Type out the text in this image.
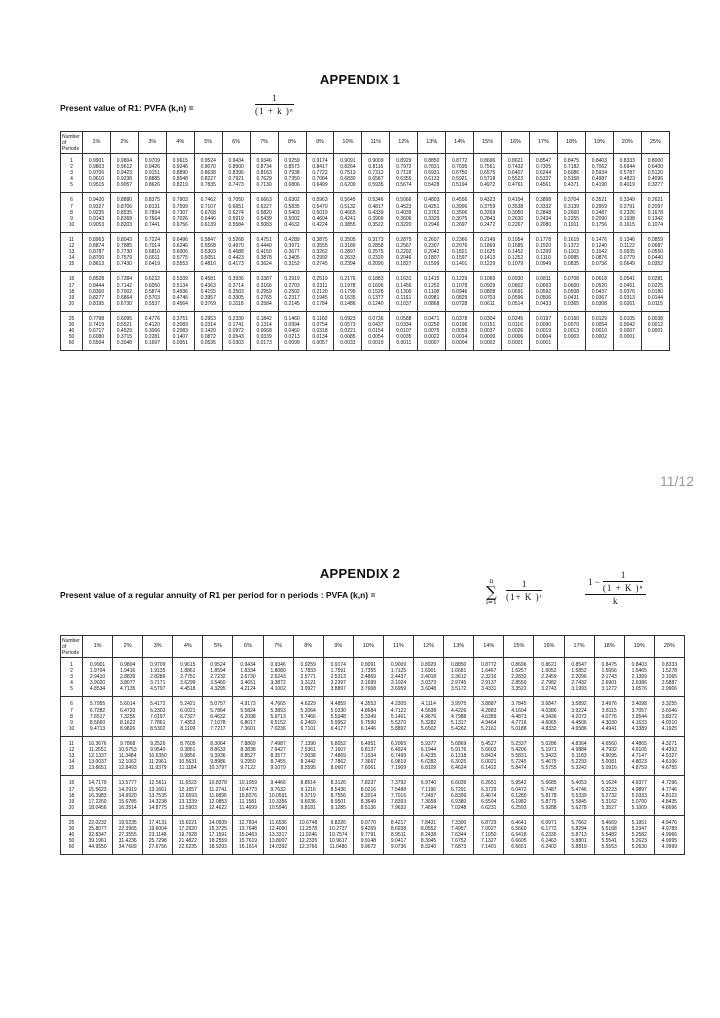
APPENDIX 1
Present value of R1: PVFA (k,n) =	$\frac{1}{\text{(1 + k )ⁿ}}$
Number
of
Periods	1%	2%	3%	4%	5%	6%	7%	8%	9%	10%	11%	12%	13%	14%	15%	16%	17%	18%	19%	20%	25%
1	0.9901	0.9804	0.9709	0.9615	0.9524	0.9434	0.9346	0.9259	0.9174	0.9091	0.9009	0.8929	0.8850	0.8772	0.8696	0.8621	0.8547	0.8475	0.8403	0.8333	0.8000
2	0.9803	0.9612	0.9426	0.9246	0.9070	0.8900	0.8734	0.8573	0.8417	0.8264	0.8116	0.7972	0.7831	0.7695	0.7561	0.7432	0.7305	0.7182	0.7062	0.6944	0.6400
3	0.9706	0.9423	0.9151	0.8890	0.8638	0.8396	0.8163	0.7938	0.7722	0.7513	0.7312	0.7118	0.6931	0.6750	0.6575	0.6407	0.6244	0.6086	0.5934	0.5787	0.5120
4	0.9610	0.9238	0.8885	0.8548	0.8227	0.7921	0.7629	0.7350	0.7084	0.6830	0.6587	0.6355	0.6133	0.5921	0.5718	0.5523	0.5337	0.5158	0.4987	0.4823	0.4096
5	0.9515	0.9057	0.8626	0.8219	0.7835	0.7473	0.7130	0.6806	0.6499	0.6209	0.5935	0.5674	0.5428	0.5194	0.4972	0.4761	0.4561	0.4371	0.4190	0.4019	0.3277
6	0.9420	0.8880	0.8375	0.7903	0.7462	0.7050	0.6663	0.6302	0.5963	0.5645	0.5346	0.5066	0.4803	0.4556	0.4323	0.4104	0.3898	0.3704	0.3521	0.3349	0.2621
7	0.9327	0.8706	0.8131	0.7599	0.7107	0.6651	0.6227	0.5835	0.5470	0.5132	0.4817	0.4523	0.4251	0.3996	0.3759	0.3538	0.3332	0.3139	0.2959	0.2791	0.2097
8	0.9235	0.8535	0.7894	0.7307	0.6768	0.6274	0.5820	0.5403	0.5019	0.4665	0.4339	0.4039	0.3762	0.3506	0.3269	0.3050	0.2848	0.2660	0.2487	0.2326	0.1678
9	0.9143	0.8368	0.7664	0.7026	0.6446	0.5919	0.5439	0.5002	0.4604	0.4241	0.3909	0.3606	0.3329	0.3075	0.2843	0.2630	0.2434	0.2255	0.2090	0.1938	0.1342
10	0.9053	0.8203	0.7441	0.6756	0.6139	0.5584	0.5083	0.4632	0.4224	0.3855	0.3522	0.3220	0.2946	0.2697	0.2472	0.2267	0.2080	0.1911	0.1756	0.1615	0.1074
11	0.8963	0.8043	0.7224	0.6496	0.5847	0.5268	0.4751	0.4289	0.3875	0.3505	0.3173	0.2875	0.2607	0.2366	0.2149	0.1954	0.1778	0.1619	0.1476	0.1346	0.0859
12	0.8874	0.7885	0.7014	0.6246	0.5568	0.4970	0.4440	0.3971	0.3555	0.3186	0.2858	0.2567	0.2307	0.2076	0.1869	0.1685	0.1520	0.1372	0.1240	0.1122	0.0687
13	0.8787	0.7730	0.6810	0.6006	0.5303	0.4688	0.4150	0.3677	0.3262	0.2897	0.2575	0.2292	0.2042	0.1821	0.1625	0.1452	0.1299	0.1163	0.1042	0.0935	0.0550
14	0.8700	0.7579	0.6611	0.5775	0.5051	0.4423	0.3878	0.3405	0.2992	0.2633	0.2320	0.2046	0.1807	0.1597	0.1413	0.1252	0.1110	0.0985	0.0876	0.0779	0.0440
15	0.8613	0.7430	0.6419	0.5553	0.4810	0.4173	0.3624	0.3152	0.2745	0.2394	0.2090	0.1827	0.1599	0.1401	0.1229	0.1079	0.0949	0.0835	0.0736	0.0649	0.0352
16	0.8528	0.7284	0.6232	0.5339	0.4581	0.3936	0.3387	0.2919	0.2519	0.2176	0.1883	0.1631	0.1415	0.1229	0.1069	0.0930	0.0811	0.0708	0.0618	0.0541	0.0281
17	0.8444	0.7142	0.6050	0.5134	0.4363	0.3714	0.3166	0.2703	0.2311	0.1978	0.1696	0.1456	0.1252	0.1078	0.0929	0.0802	0.0693	0.0600	0.0520	0.0451	0.0225
18	0.8360	0.7002	0.5874	0.4936	0.4155	0.3503	0.2959	0.2502	0.2120	0.1799	0.1528	0.1300	0.1108	0.0946	0.0808	0.0691	0.0592	0.0508	0.0437	0.0376	0.0180
19	0.8277	0.6864	0.5703	0.4746	0.3957	0.3305	0.2765	0.2317	0.1945	0.1635	0.1377	0.1161	0.0981	0.0829	0.0703	0.0596	0.0506	0.0431	0.0367	0.0313	0.0144
20	0.8195	0.6730	0.5537	0.4564	0.3769	0.3118	0.2584	0.2145	0.1784	0.1486	0.1240	0.1037	0.0868	0.0728	0.0611	0.0514	0.0433	0.0365	0.0308	0.0261	0.0115
25	0.7798	0.6095	0.4776	0.3751	0.2953	0.2330	0.1842	0.1460	0.1160	0.0923	0.0736	0.0588	0.0471	0.0378	0.0304	0.0245	0.0197	0.0160	0.0129	0.0105	0.0038
30	0.7419	0.5521	0.4120	0.3083	0.2314	0.1741	0.1314	0.0994	0.0754	0.0573	0.0437	0.0334	0.0256	0.0196	0.0151	0.0116	0.0090	0.0070	0.0054	0.0042	0.0012
40	0.6717	0.4529	0.3066	0.2083	0.1420	0.0972	0.0668	0.0460	0.0318	0.0221	0.0154	0.0107	0.0075	0.0053	0.0037	0.0026	0.0019	0.0013	0.0010	0.0007	0.0001
50	0.6080	0.3715	0.2281	0.1407	0.0872	0.0543	0.0339	0.0213	0.0134	0.0085	0.0054	0.0035	0.0022	0.0014	0.0009	0.0006	0.0004	0.0003	0.0002	0.0001	
60	0.5504	0.3048	0.1697	0.0951	0.0535	0.0303	0.0173	0.0099	0.0057	0.0033	0.0019	0.0011	0.0007	0.0004	0.0002	0.0001	0.0001				
11/12
APPENDIX 2
Present value of a regular annuity of R1 per period for n periods : PVFA (k,n) =
n
∑
i=1
$\frac{1}{\text{(1+ K )ᵗ}}$	$\frac{1 - \frac{1}{\text{(1 + K )ⁿ}}}{k}$
Number
of
Periods	1%	2%	3%	4%	5%	6%	7%	8%	9%	10%	11%	12%	13%	14%	15%	16%	17%	18%	19%	20%
1	0.9901	0.9804	0.9709	0.9615	0.9524	0.9434	0.9346	0.9259	0.9174	0.9091	0.9009	0.8929	0.8850	0.8772	0.8696	0.8621	0.8547	0.8475	0.8403	0.8333
2	1.9704	1.9416	1.9135	1.8861	1.8594	1.8334	1.8080	1.7833	1.7591	1.7355	1.7125	1.6901	1.6681	1.6467	1.6257	1.6052	1.5852	1.5656	1.5465	1.5278
3	2.9410	2.8839	2.8286	2.7751	2.7232	2.6730	2.6243	2.5771	2.5313	2.4869	2.4437	2.4018	2.3612	2.3216	2.2832	2.2459	2.2096	2.1743	2.1399	2.1065
4	3.9020	3.8077	3.7171	3.6299	3.5460	3.4651	3.3872	3.3121	3.2397	3.1699	3.1024	3.0373	2.9745	2.9137	2.8550	2.7982	2.7432	2.6901	2.6386	2.5887
5	4.8534	4.7135	4.5797	4.4518	4.3295	4.2124	4.1002	3.9927	3.8897	3.7908	3.6959	3.6048	3.5172	3.4331	3.3522	3.2743	3.1993	3.1272	3.0576	2.9906
6	5.7955	5.6014	5.4172	5.2421	5.0757	4.9173	4.7665	4.6229	4.4859	4.3553	4.2305	4.1114	3.9975	3.8887	3.7845	3.6847	3.5892	3.4976	3.4098	3.3255
7	6.7282	6.4720	6.2303	6.0021	5.7864	5.5824	5.3893	5.2064	5.0330	4.8684	4.7122	4.5638	4.4226	4.2883	4.1604	4.0386	3.9224	3.8115	3.7057	3.6046
8	7.6517	7.3255	7.0197	6.7327	6.4632	6.2098	5.9713	5.7466	5.5348	5.3349	5.1461	4.9676	4.7988	4.6389	4.4873	4.3436	4.2072	4.0776	3.9544	3.8372
9	8.5660	8.1622	7.7861	7.4353	7.1078	6.8017	6.5152	6.2469	5.9952	5.7590	5.5370	5.3282	5.1317	4.9464	4.7716	4.6065	4.4506	4.3030	4.1633	4.0310
10	9.4713	8.9826	8.5302	8.1109	7.7217	7.3601	7.0236	6.7101	6.4177	6.1446	5.8892	5.6502	5.4262	5.2161	5.0188	4.8332	4.6586	4.4941	4.3389	4.1925
11	10.3676	9.7868	9.2526	8.7605	8.3064	7.8869	7.4987	7.1390	6.8052	6.4951	6.2065	5.9377	5.6869	5.4527	5.2337	5.0286	4.8364	4.6560	4.4865	4.3271
12	11.2551	10.5753	9.9540	9.3851	8.8633	8.3838	7.9427	7.5361	7.1607	6.8137	6.4924	6.1944	5.9176	5.6603	5.4206	5.1971	4.9884	4.7932	4.6105	4.4392
13	12.1337	11.3484	10.6350	9.9856	9.3936	8.8527	8.3577	7.9038	7.4869	7.1034	6.7499	6.4235	6.1218	5.8424	5.5831	5.3423	5.1183	4.9095	4.7147	4.5327
14	13.0037	12.1062	11.2961	10.5631	9.8986	9.2950	8.7455	8.2442	7.7862	7.3667	6.9819	6.6282	6.3025	6.0021	5.7245	5.4675	5.2293	5.0081	4.8023	4.6106
15	13.8651	12.8493	11.9379	11.1184	10.3797	9.7122	9.1079	8.5595	8.0607	7.6061	7.1909	6.8109	6.4624	6.1422	5.8474	5.5755	5.3242	5.0916	4.8759	4.6755
16	14.7179	13.5777	12.5611	11.6523	10.8378	10.1059	9.4466	8.8514	8.3126	7.8237	7.3792	6.9740	6.6039	6.2651	5.9542	5.6685	5.4053	5.1624	4.9377	4.7296
17	15.5623	14.2919	13.1661	12.1657	11.2741	10.4773	9.7632	9.1216	8.5436	8.0216	7.5488	7.1196	6.7291	6.3729	6.0472	5.7487	5.4746	5.2223	4.9897	4.7746
18	16.3983	14.9920	13.7535	12.6593	11.6896	10.8276	10.0591	9.3719	8.7556	8.2014	7.7016	7.2497	6.8399	6.4674	6.1280	5.8178	5.5339	5.2732	5.0333	4.8122
19	17.2260	15.6785	14.3238	13.1339	12.0853	11.1581	10.3356	9.6036	8.9501	8.3649	7.8393	7.3658	6.9380	6.5504	6.1982	5.8775	5.5845	5.3162	5.0700	4.8435
20	18.0456	16.3514	14.8775	13.5903	12.4622	11.4699	10.5940	9.8181	9.1285	8.5136	7.9633	7.4694	7.0248	6.6231	6.2593	5.9288	5.6278	5.3527	5.1009	4.8696
25	22.0232	19.5235	17.4131	15.6221	14.0939	12.7834	11.6536	10.6748	9.8226	9.0770	8.4217	7.8431	7.3300	6.8729	6.4641	6.0971	5.7662	5.4669	5.1951	4.9476
30	25.8077	22.3965	19.6004	17.2920	15.3725	13.7648	12.4090	11.2578	10.2737	9.4269	8.6938	8.0552	7.4957	7.0027	6.5660	6.1772	5.8294	5.5168	5.2347	4.9789
40	32.8347	27.3555	23.1148	19.7928	17.1591	15.0463	13.3317	11.9246	10.7574	9.7791	8.9511	8.2438	7.6344	7.1050	6.6418	6.2335	5.8713	5.5482	5.2582	4.9966
50	39.1961	31.4236	25.7298	21.4822	18.2559	15.7619	13.8007	12.2335	10.9617	9.9148	9.0417	8.3045	7.6752	7.1327	6.6605	6.2463	5.8801	5.5541	5.2623	4.9995
60	44.9550	34.7609	27.6756	22.6235	18.9293	16.1614	14.0392	12.3766	11.0480	9.9672	9.0736	8.3240	7.6873	7.1401	6.6651	6.2402	5.8819	5.5553	5.2630	4.9999
